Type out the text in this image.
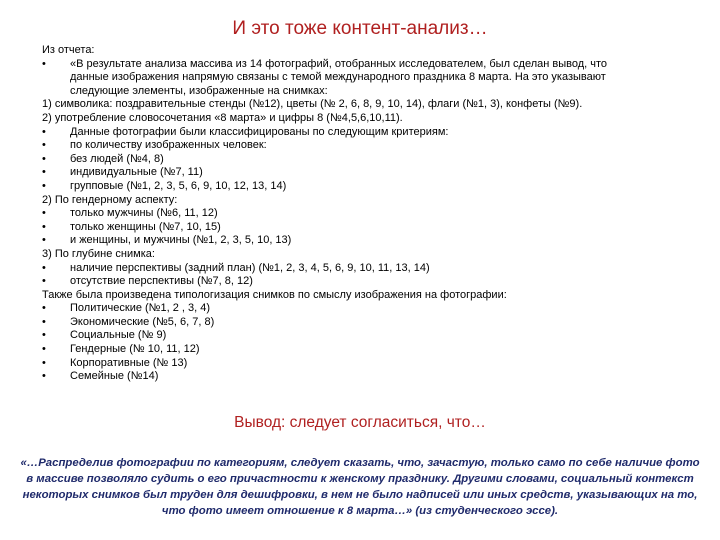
И это тоже контент-анализ…
Из отчета:
•	«В результате анализа массива из 14 фотографий, отобранных исследователем, был сделан вывод, что
данные изображения напрямую связаны с темой международного праздника 8 марта. На это указывают
следующие элементы, изображенные на снимках:
1) символика: поздравительные стенды (№12), цветы (№ 2, 6, 8, 9, 10, 14), флаги (№1, 3), конфеты (№9).
2) употребление словосочетания «8 марта» и цифры 8 (№4,5,6,10,11).
•	Данные фотографии были классифицированы по следующим критериям:
•	по количеству изображенных человек:
•	без людей (№4, 8)
•	индивидуальные (№7, 11)
•	групповые (№1, 2, 3, 5, 6, 9, 10, 12, 13, 14)
2) По гендерному аспекту:
•	только мужчины (№6, 11, 12)
•	только женщины (№7, 10, 15)
•	и женщины, и мужчины (№1, 2, 3, 5, 10, 13)
3) По глубине снимка:
•	наличие перспективы (задний план) (№1, 2, 3, 4, 5, 6, 9, 10, 11, 13, 14)
•	отсутствие перспективы (№7, 8, 12)
Также была произведена типологизация снимков по смыслу изображения на фотографии:
•	Политические (№1, 2 , 3, 4)
•	Экономические (№5, 6, 7, 8)
•	Социальные (№ 9)
•	Гендерные (№ 10, 11, 12)
•	Корпоративные (№ 13)
•	Семейные (№14)
Вывод: следует согласиться, что…
«…Распределив фотографии по категориям, следует сказать, что, зачастую, только само по себе наличие фото в массиве позволяло судить о его причастности к женскому празднику. Другими словами, социальный контекст некоторых снимков был труден для дешифровки, в нем не было надписей или иных средств, указывающих на то, что фото имеет отношение к 8 марта…» (из студенческого эссе).
